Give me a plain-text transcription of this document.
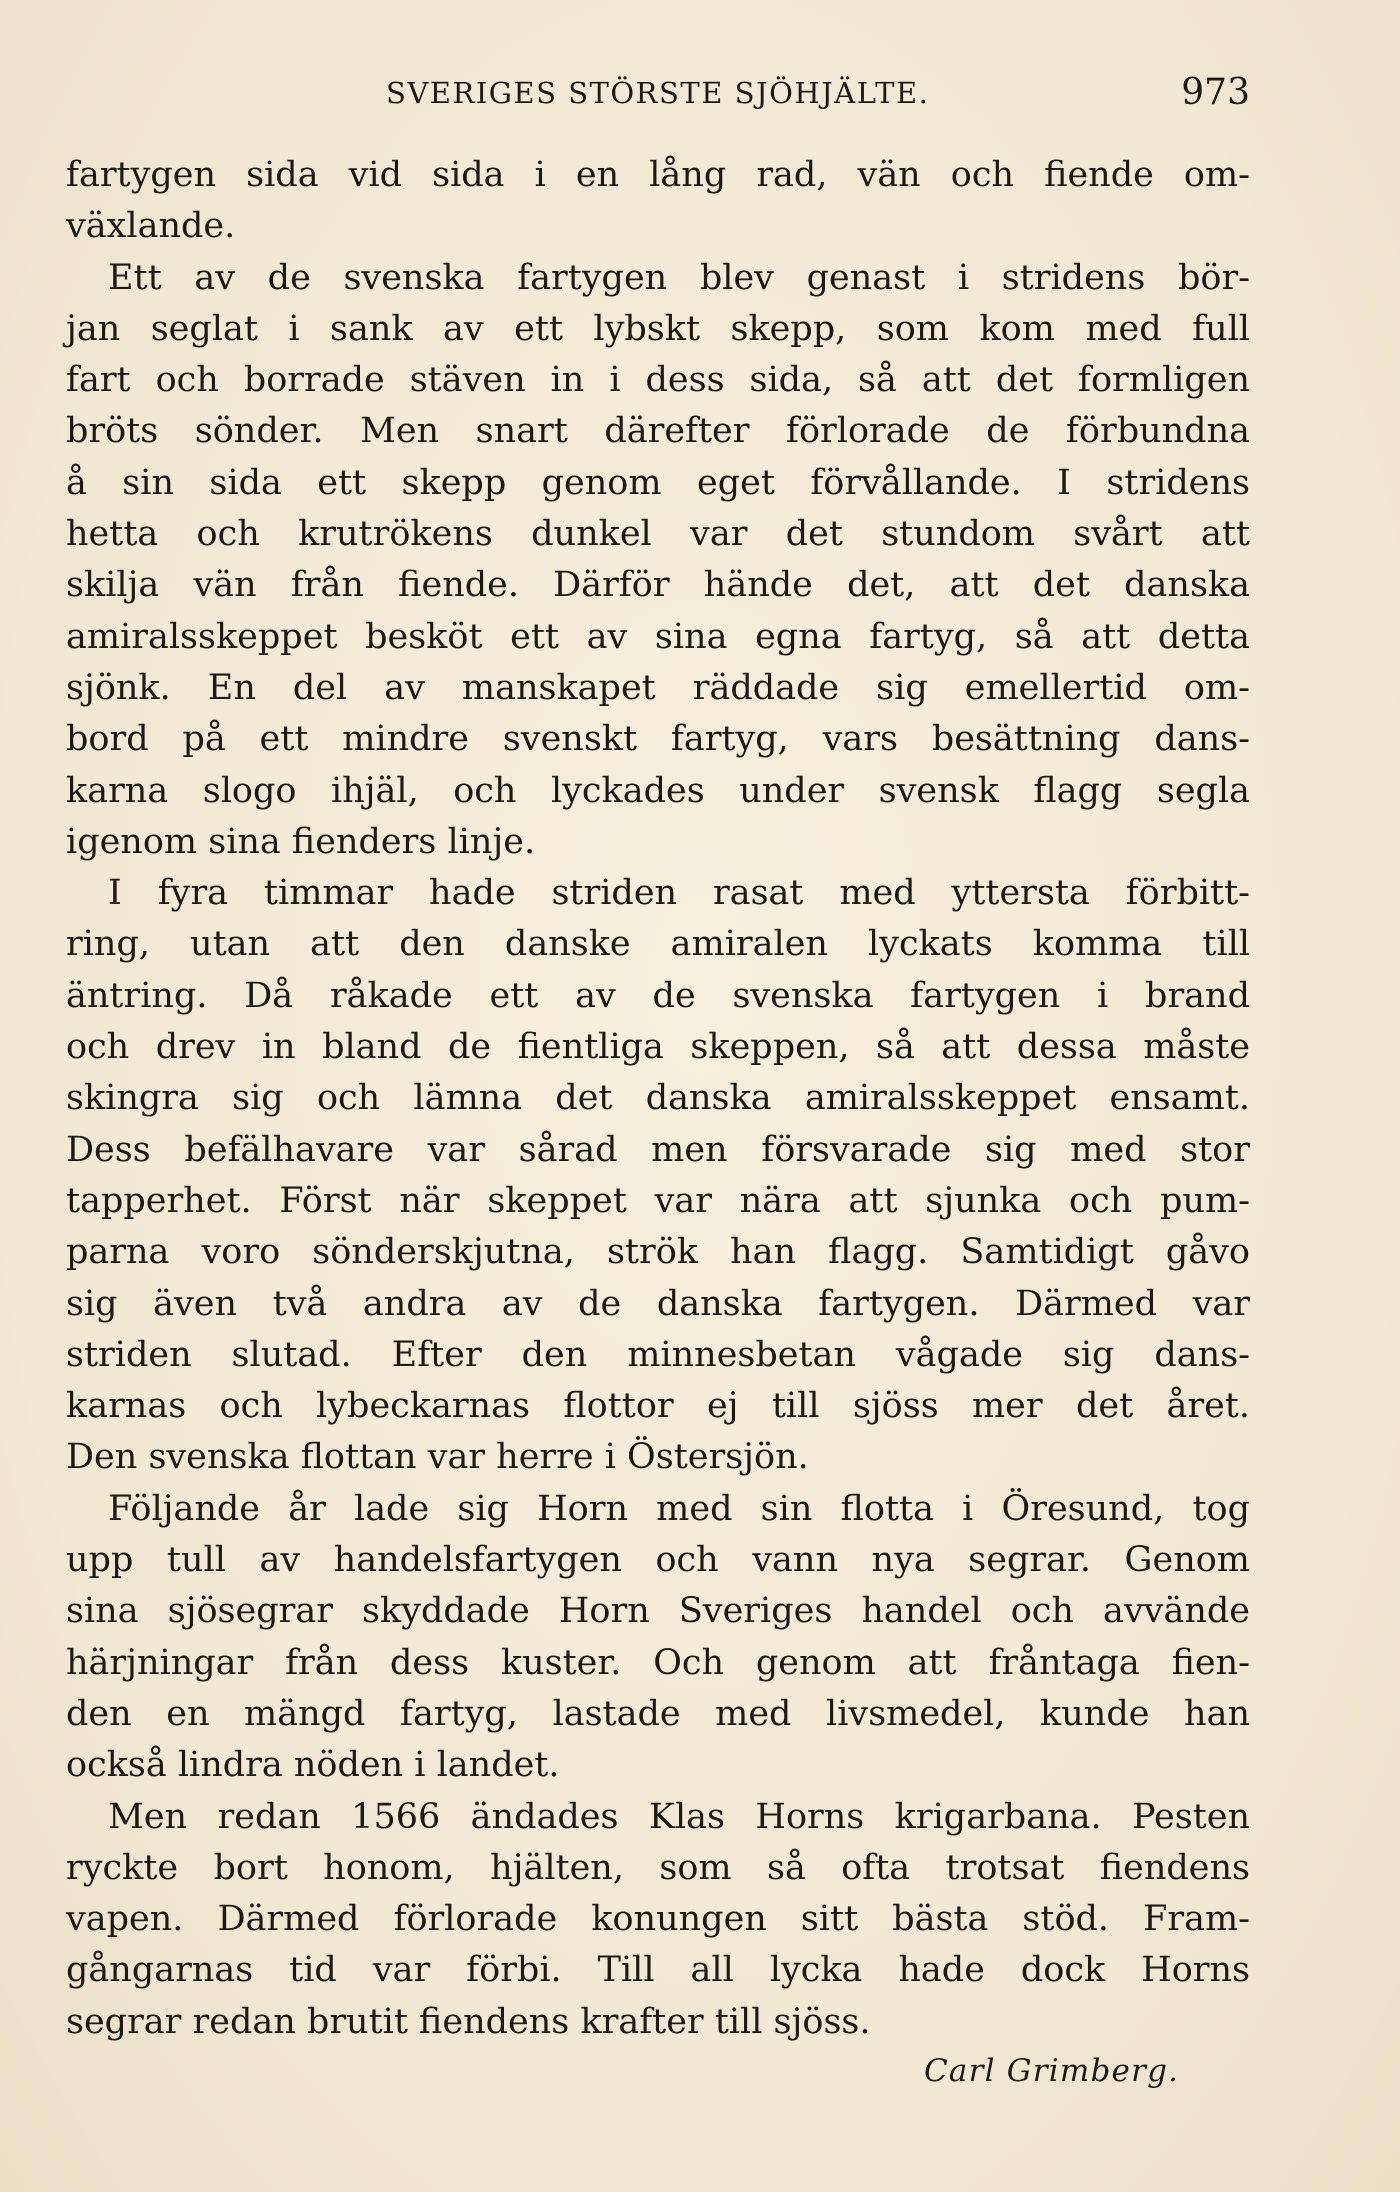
SVERIGES STÖRSTE SJÖHJÄLTE.	973
fartygen sida vid sida i en lång rad, vän och fiende om-
växlande.
Ett av de svenska fartygen blev genast i stridens bör-
jan seglat i sank av ett lybskt skepp, som kom med full
fart och borrade stäven in i dess sida, så att det formligen
bröts sönder. Men snart därefter förlorade de förbundna
å sin sida ett skepp genom eget förvållande. I stridens
hetta och krutrökens dunkel var det stundom svårt att
skilja vän från fiende. Därför hände det, att det danska
amiralsskeppet besköt ett av sina egna fartyg, så att detta
sjönk. En del av manskapet räddade sig emellertid om-
bord på ett mindre svenskt fartyg, vars besättning dans-
karna slogo ihjäl, och lyckades under svensk flagg segla
igenom sina fienders linje.
I fyra timmar hade striden rasat med yttersta förbitt-
ring, utan att den danske amiralen lyckats komma till
äntring. Då råkade ett av de svenska fartygen i brand
och drev in bland de fientliga skeppen, så att dessa måste
skingra sig och lämna det danska amiralsskeppet ensamt.
Dess befälhavare var sårad men försvarade sig med stor
tapperhet. Först när skeppet var nära att sjunka och pum-
parna voro sönderskjutna, strök han flagg. Samtidigt gåvo
sig även två andra av de danska fartygen. Därmed var
striden slutad. Efter den minnesbetan vågade sig dans-
karnas och lybeckarnas flottor ej till sjöss mer det året.
Den svenska flottan var herre i Östersjön.
Följande år lade sig Horn med sin flotta i Öresund, tog
upp tull av handelsfartygen och vann nya segrar. Genom
sina sjösegrar skyddade Horn Sveriges handel och avvände
härjningar från dess kuster. Och genom att fråntaga fien-
den en mängd fartyg, lastade med livsmedel, kunde han
också lindra nöden i landet.
Men redan 1566 ändades Klas Horns krigarbana. Pesten
ryckte bort honom, hjälten, som så ofta trotsat fiendens
vapen. Därmed förlorade konungen sitt bästa stöd. Fram-
gångarnas tid var förbi. Till all lycka hade dock Horns
segrar redan brutit fiendens krafter till sjöss.
Carl Grimberg.
